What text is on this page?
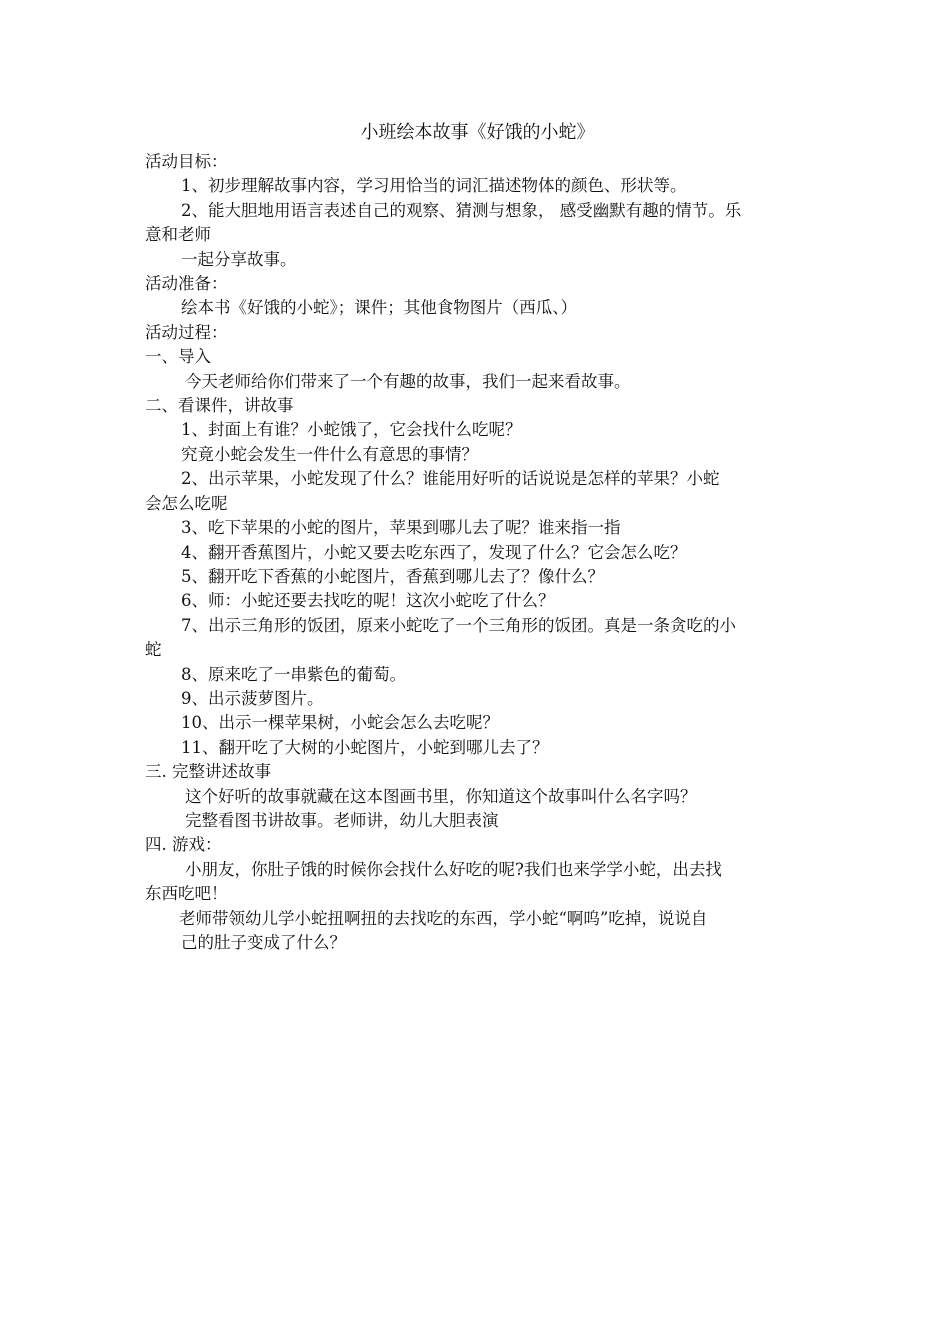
小班绘本故事《好饿的小蛇》

活动目标：

1、初步理解故事内容，学习用恰当的词汇描述物体的颜色、形状等。

2、能大胆地用语言表述自己的观察、猜测与想象， 感受幽默有趣的情节。乐

意和老师

一起分享故事。

活动准备：

绘本书《好饿的小蛇》；课件；其他食物图片（西瓜、）

活动过程：

一、导入

今天老师给你们带来了一个有趣的故事，我们一起来看故事。

二、看课件，讲故事

1、封面上有谁？小蛇饿了，它会找什么吃呢？

究竟小蛇会发生一件什么有意思的事情？

2、出示苹果，小蛇发现了什么？谁能用好听的话说说是怎样的苹果？小蛇

会怎么吃呢

3、吃下苹果的小蛇的图片，苹果到哪儿去了呢？谁来指一指

4、翻开香蕉图片，小蛇又要去吃东西了，发现了什么？它会怎么吃？

5、翻开吃下香蕉的小蛇图片，香蕉到哪儿去了？像什么？

6、师：小蛇还要去找吃的呢！这次小蛇吃了什么？

7、出示三角形的饭团，原来小蛇吃了一个三角形的饭团。真是一条贪吃的小

蛇

8、原来吃了一串紫色的葡萄。

9、出示菠萝图片。

10、出示一棵苹果树，小蛇会怎么去吃呢？

11、翻开吃了大树的小蛇图片，小蛇到哪儿去了？

三. 完整讲述故事

这个好听的故事就藏在这本图画书里，你知道这个故事叫什么名字吗？

完整看图书讲故事。老师讲，幼儿大胆表演

四. 游戏：

小朋友，你肚子饿的时候你会找什么好吃的呢?我们也来学学小蛇，出去找

东西吃吧！

老师带领幼儿学小蛇扭啊扭的去找吃的东西，学小蛇“啊呜”吃掉，说说自

己的肚子变成了什么？
